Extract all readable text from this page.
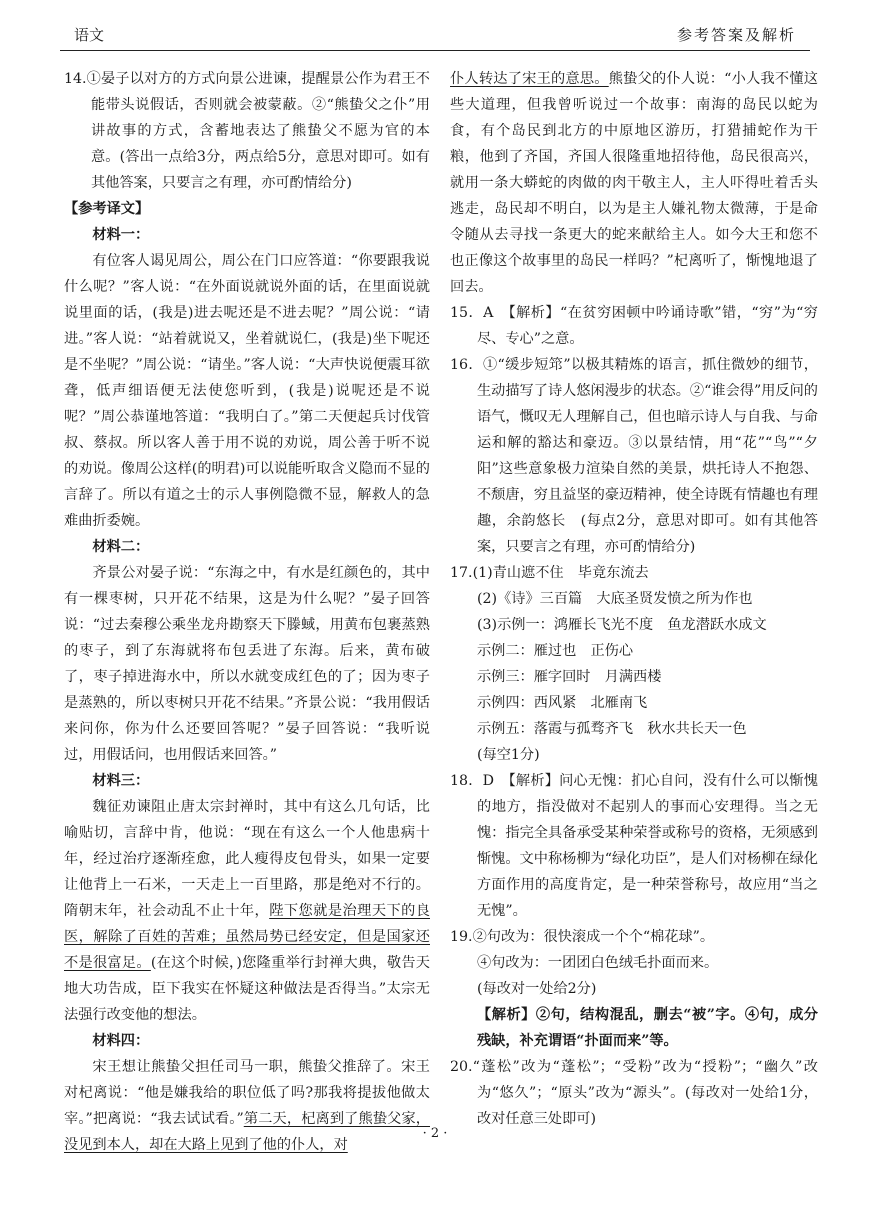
语文	参考答案及解析

14.①晏子以对方的方式向景公进谏，提醒景公作为君王不能带头说假话，否则就会被蒙蔽。②“熊蛰父之仆”用讲故事的方式，含蓄地表达了熊蛰父不愿为官的本意。(答出一点给3分，两点给5分，意思对即可。如有其他答案，只要言之有理，亦可酌情给分)

【参考译文】

材料一：

有位客人谒见周公，周公在门口应答道：“你要跟我说什么呢？”客人说：“在外面说就说外面的话，在里面说就说里面的话，(我是)进去呢还是不进去呢？”周公说：“请进。”客人说：“站着就说又，坐着就说仁，(我是)坐下呢还是不坐呢？”周公说：“请坐。”客人说：“大声快说便震耳欲聋，低声细语便无法使您听到，(我是)说呢还是不说呢？”周公恭谨地答道：“我明白了。”第二天便起兵讨伐管叔、蔡叔。所以客人善于用不说的劝说，周公善于听不说的劝说。像周公这样(的明君)可以说能听取含义隐而不显的言辞了。所以有道之士的示人事例隐微不显，解救人的急难曲折委婉。

材料二：

齐景公对晏子说：“东海之中，有水是红颜色的，其中有一棵枣树，只开花不结果，这是为什么呢？”晏子回答说：“过去秦穆公乘坐龙舟勘察天下滕蜮，用黄布包裹蒸熟的枣子，到了东海就将布包丢进了东海。后来，黄布破了，枣子掉进海水中，所以水就变成红色的了；因为枣子是蒸熟的，所以枣树只开花不结果。”齐景公说：“我用假话来问你，你为什么还要回答呢？”晏子回答说：“我听说过，用假话问，也用假话来回答。”

材料三：

魏征劝谏阻止唐太宗封禅时，其中有这么几句话，比喻贴切，言辞中肯，他说：“现在有这么一个人他患病十年，经过治疗逐渐痊愈，此人瘦得皮包骨头，如果一定要让他背上一石米，一天走上一百里路，那是绝对不行的。隋朝末年，社会动乱不止十年，陛下您就是治理天下的良医，解除了百姓的苦难；虽然局势已经安定，但是国家还不是很富足。(在这个时候，)您隆重举行封禅大典，敬告天地大功告成，臣下我实在怀疑这种做法是否得当。”太宗无法强行改变他的想法。

材料四：

宋王想让熊蛰父担任司马一职，熊蛰父推辞了。宋王对杞离说：“他是嫌我给的职位低了吗?那我将提拔他做太宰。”把离说：“我去试试看。”第二天，杞离到了熊蛰父家，没见到本人，却在大路上见到了他的仆人，对

仆人转达了宋王的意思。熊蛰父的仆人说：“小人我不懂这些大道理，但我曾听说过一个故事：南海的岛民以蛇为食，有个岛民到北方的中原地区游历，打猎捕蛇作为干粮，他到了齐国，齐国人很隆重地招待他，岛民很高兴，就用一条大蟒蛇的肉做的肉干敬主人，主人吓得吐着舌头逃走，岛民却不明白，以为是主人嫌礼物太微薄，于是命令随从去寻找一条更大的蛇来献给主人。如今大王和您不也正像这个故事里的岛民一样吗？”杞离听了，惭愧地退了回去。

15．A　【解析】“在贫穷困顿中吟诵诗歌”错，“穷”为“穷尽、专心”之意。

16．①“缓步短筇”以极其精炼的语言，抓住微妙的细节，生动描写了诗人悠闲漫步的状态。②“谁会得”用反问的语气，慨叹无人理解自己，但也暗示诗人与自我、与命运和解的豁达和豪迈。③以景结情，用“花”“鸟”“夕阳”这些意象极力渲染自然的美景，烘托诗人不抱怨、不颓唐，穷且益坚的豪迈精神，使全诗既有情趣也有理趣，余韵悠长　(每点2分，意思对即可。如有其他答案，只要言之有理，亦可酌情给分)

17.(1)青山遮不住　毕竟东流去

(2)《诗》三百篇　大底圣贤发愤之所为作也

(3)示例一：鸿雁长飞光不度　鱼龙潜跃水成文

示例二：雁过也　正伤心

示例三：雁字回时　月满西楼

示例四：西风紧　北雁南飞

示例五：落霞与孤骛齐飞　秋水共长天一色

(每空1分)

18．D　【解析】问心无愧：扪心自问，没有什么可以惭愧的地方，指没做对不起别人的事而心安理得。当之无愧：指完全具备承受某种荣誉或称号的资格，无须感到惭愧。文中称杨柳为“绿化功臣”，是人们对杨柳在绿化方面作用的高度肯定，是一种荣誉称号，故应用“当之无愧”。

19.②句改为：很快滚成一个个“棉花球”。

④句改为：一团团白色绒毛扑面而来。

(每改对一处给2分)

【解析】②句，结构混乱，删去“被”字。④句，成分残缺，补充谓语“扑面而来”等。

20.“蓬松”改为“蓬松”；“受粉”改为“授粉”；“幽久”改为“悠久”；“原头”改为“源头”。(每改对一处给1分，改对任意三处即可)

· 2 ·
